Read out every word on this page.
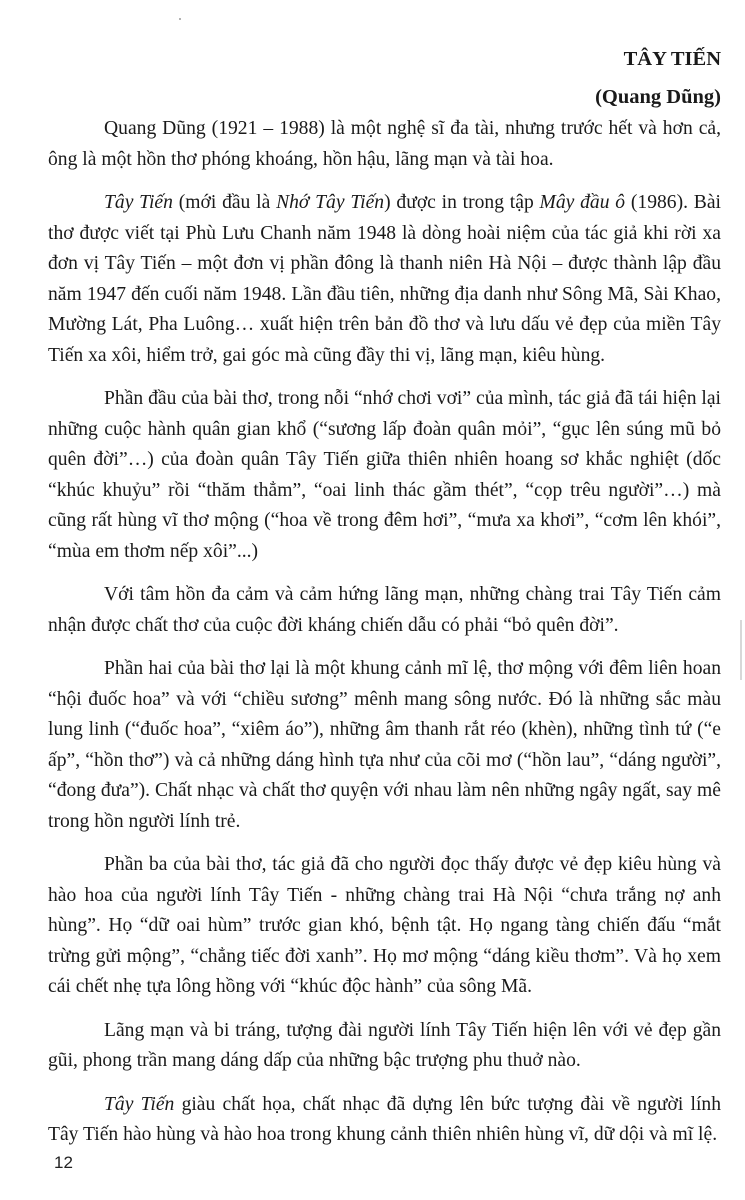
TÂY TIẾN
(Quang Dũng)

Quang Dũng (1921 – 1988) là một nghệ sĩ đa tài, nhưng trước hết và hơn cả, ông là một hồn thơ phóng khoáng, hồn hậu, lãng mạn và tài hoa.

Tây Tiến (mới đầu là Nhớ Tây Tiến) được in trong tập Mây đầu ô (1986). Bài thơ được viết tại Phù Lưu Chanh năm 1948 là dòng hoài niệm của tác giả khi rời xa đơn vị Tây Tiến – một đơn vị phần đông là thanh niên Hà Nội – được thành lập đầu năm 1947 đến cuối năm 1948. Lần đầu tiên, những địa danh như Sông Mã, Sài Khao, Mường Lát, Pha Luông… xuất hiện trên bản đồ thơ và lưu dấu vẻ đẹp của miền Tây Tiến xa xôi, hiểm trở, gai góc mà cũng đầy thi vị, lãng mạn, kiêu hùng.

Phần đầu của bài thơ, trong nỗi “nhớ chơi vơi” của mình, tác giả đã tái hiện lại những cuộc hành quân gian khổ (“sương lấp đoàn quân mỏi”, “gục lên súng mũ bỏ quên đời”…) của đoàn quân Tây Tiến giữa thiên nhiên hoang sơ khắc nghiệt (dốc “khúc khuỷu” rồi “thăm thẳm”, “oai linh thác gầm thét”, “cọp trêu người”…) mà cũng rất hùng vĩ thơ mộng (“hoa về trong đêm hơi”, “mưa xa khơi”, “cơm lên khói”, “mùa em thơm nếp xôi”...)

Với tâm hồn đa cảm và cảm hứng lãng mạn, những chàng trai Tây Tiến cảm nhận được chất thơ của cuộc đời kháng chiến dẫu có phải “bỏ quên đời”.

Phần hai của bài thơ lại là một khung cảnh mĩ lệ, thơ mộng với đêm liên hoan “hội đuốc hoa” và với “chiều sương” mênh mang sông nước. Đó là những sắc màu lung linh (“đuốc hoa”, “xiêm áo”), những âm thanh rắt réo (khèn), những tình tứ (“e ấp”, “hồn thơ”) và cả những dáng hình tựa như của cõi mơ (“hồn lau”, “dáng người”, “đong đưa”). Chất nhạc và chất thơ quyện với nhau làm nên những ngây ngất, say mê trong hồn người lính trẻ.

Phần ba của bài thơ, tác giả đã cho người đọc thấy được vẻ đẹp kiêu hùng và hào hoa của người lính Tây Tiến - những chàng trai Hà Nội “chưa trắng nợ anh hùng”. Họ “dữ oai hùm” trước gian khó, bệnh tật. Họ ngang tàng chiến đấu “mắt trừng gửi mộng”, “chẳng tiếc đời xanh”. Họ mơ mộng “dáng kiều thơm”. Và họ xem cái chết nhẹ tựa lông hồng với “khúc độc hành” của sông Mã.

Lãng mạn và bi tráng, tượng đài người lính Tây Tiến hiện lên với vẻ đẹp gần gũi, phong trần mang dáng dấp của những bậc trượng phu thuở nào.

Tây Tiến giàu chất họa, chất nhạc đã dựng lên bức tượng đài về người lính Tây Tiến hào hùng và hào hoa trong khung cảnh thiên nhiên hùng vĩ, dữ dội và mĩ lệ.

12
